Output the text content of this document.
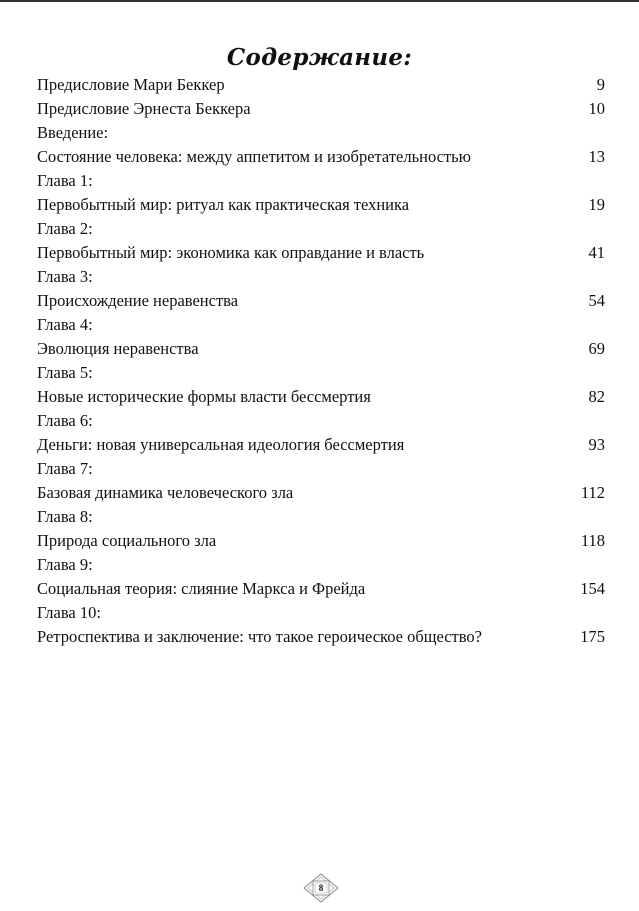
Содержание:
Предисловие Мари Беккер	9
Предисловие Эрнеста Беккера	10
Введение:
Состояние человека: между аппетитом и изобретательностью	13
Глава 1:
Первобытный мир: ритуал как практическая техника	19
Глава 2:
Первобытный мир: экономика как оправдание и власть	41
Глава 3:
Происхождение неравенства	54
Глава 4:
Эволюция неравенства	69
Глава 5:
Новые исторические формы власти бессмертия	82
Глава 6:
Деньги: новая универсальная идеология бессмертия	93
Глава 7:
Базовая динамика человеческого зла	112
Глава 8:
Природа социального зла	118
Глава 9:
Социальная теория: слияние Маркса и Фрейда	154
Глава 10:
Ретроспектива и заключение: что такое героическое общество?	175
8
